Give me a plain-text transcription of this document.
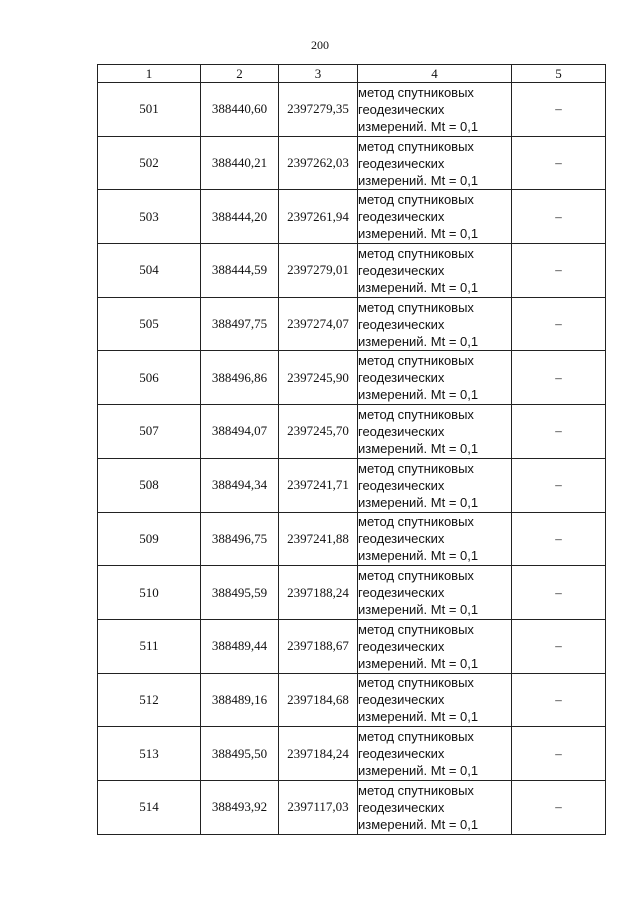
200
1	2	3	4	5
501	388440,60	2397279,35	метод спутниковых
геодезических
измерений. Mt = 0,1	–
502	388440,21	2397262,03	метод спутниковых
геодезических
измерений. Mt = 0,1	–
503	388444,20	2397261,94	метод спутниковых
геодезических
измерений. Mt = 0,1	–
504	388444,59	2397279,01	метод спутниковых
геодезических
измерений. Mt = 0,1	–
505	388497,75	2397274,07	метод спутниковых
геодезических
измерений. Mt = 0,1	–
506	388496,86	2397245,90	метод спутниковых
геодезических
измерений. Mt = 0,1	–
507	388494,07	2397245,70	метод спутниковых
геодезических
измерений. Mt = 0,1	–
508	388494,34	2397241,71	метод спутниковых
геодезических
измерений. Mt = 0,1	–
509	388496,75	2397241,88	метод спутниковых
геодезических
измерений. Mt = 0,1	–
510	388495,59	2397188,24	метод спутниковых
геодезических
измерений. Mt = 0,1	–
511	388489,44	2397188,67	метод спутниковых
геодезических
измерений. Mt = 0,1	–
512	388489,16	2397184,68	метод спутниковых
геодезических
измерений. Mt = 0,1	–
513	388495,50	2397184,24	метод спутниковых
геодезических
измерений. Mt = 0,1	–
514	388493,92	2397117,03	метод спутниковых
геодезических
измерений. Mt = 0,1	–
